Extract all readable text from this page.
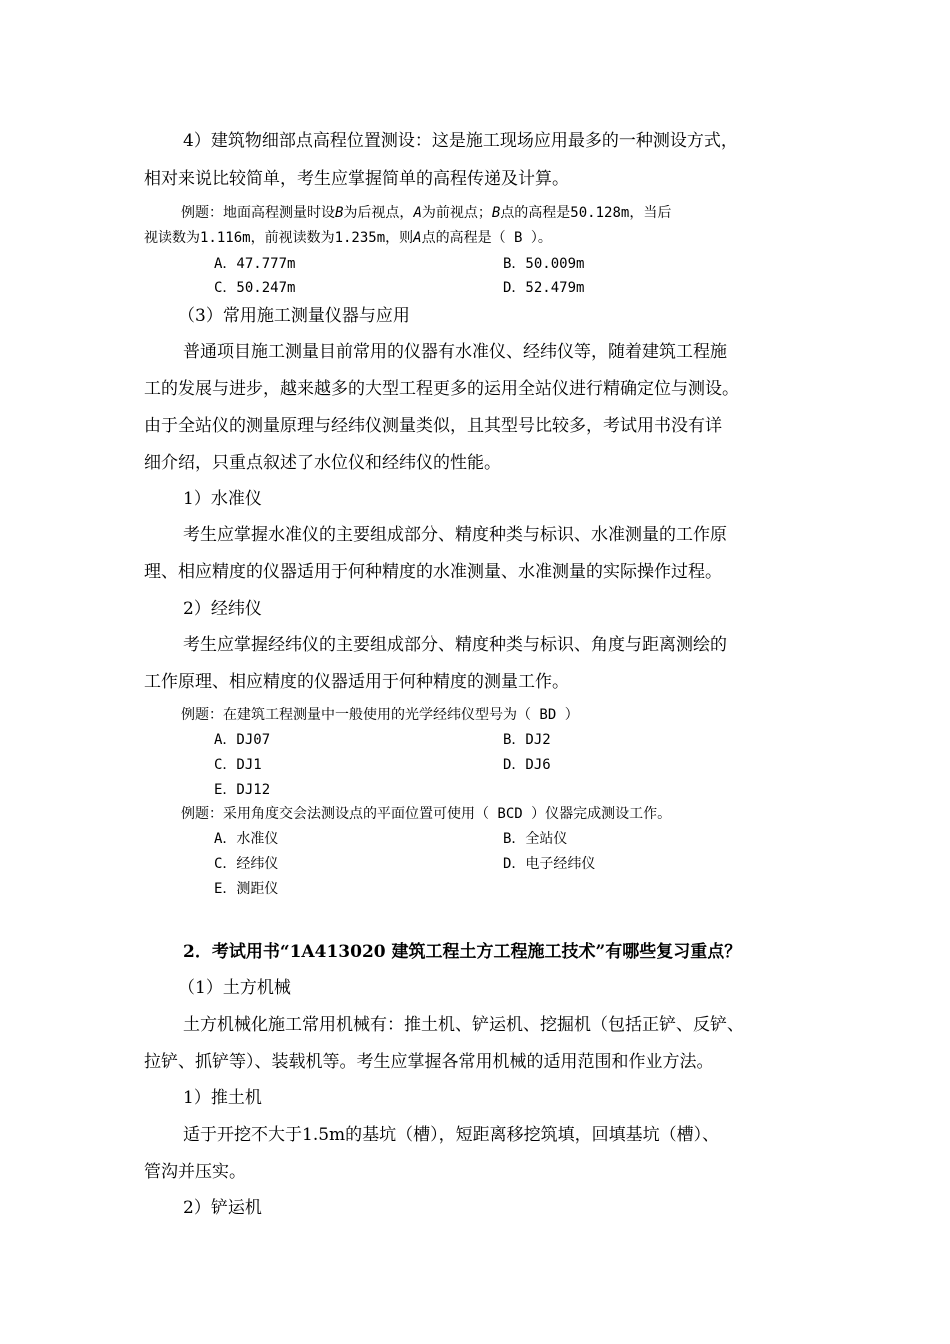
4）建筑物细部点高程位置测设：这是施工现场应用最多的一种测设方式，
相对来说比较简单，考生应掌握简单的高程传递及计算。
例题：地面高程测量时设B为后视点，A为前视点；B点的高程是50.128m，当后
视读数为1.116m，前视读数为1.235m，则A点的高程是（ B ）。
A．47.777m	B．50.009m
C．50.247m	D．52.479m
（3）常用施工测量仪器与应用
普通项目施工测量目前常用的仪器有水准仪、经纬仪等，随着建筑工程施
工的发展与进步，越来越多的大型工程更多的运用全站仪进行精确定位与测设。
由于全站仪的测量原理与经纬仪测量类似，且其型号比较多，考试用书没有详
细介绍，只重点叙述了水位仪和经纬仪的性能。
1）水准仪
考生应掌握水准仪的主要组成部分、精度种类与标识、水准测量的工作原
理、相应精度的仪器适用于何种精度的水准测量、水准测量的实际操作过程。
2）经纬仪
考生应掌握经纬仪的主要组成部分、精度种类与标识、角度与距离测绘的
工作原理、相应精度的仪器适用于何种精度的测量工作。
例题：在建筑工程测量中一般使用的光学经纬仪型号为（ BD ）
A．DJ07	B．DJ2
C．DJ1	D．DJ6
E．DJ12
例题：采用角度交会法测设点的平面位置可使用（ BCD ）仪器完成测设工作。
A．水准仪	B．全站仪
C．经纬仪	D．电子经纬仪
E．测距仪
2．考试用书“1A413020 建筑工程土方工程施工技术”有哪些复习重点？
（1）土方机械
土方机械化施工常用机械有：推土机、铲运机、挖掘机（包括正铲、反铲、
拉铲、抓铲等）、装载机等。考生应掌握各常用机械的适用范围和作业方法。
1）推土机
适于开挖不大于1.5m的基坑（槽），短距离移挖筑填，回填基坑（槽）、
管沟并压实。
2）铲运机
